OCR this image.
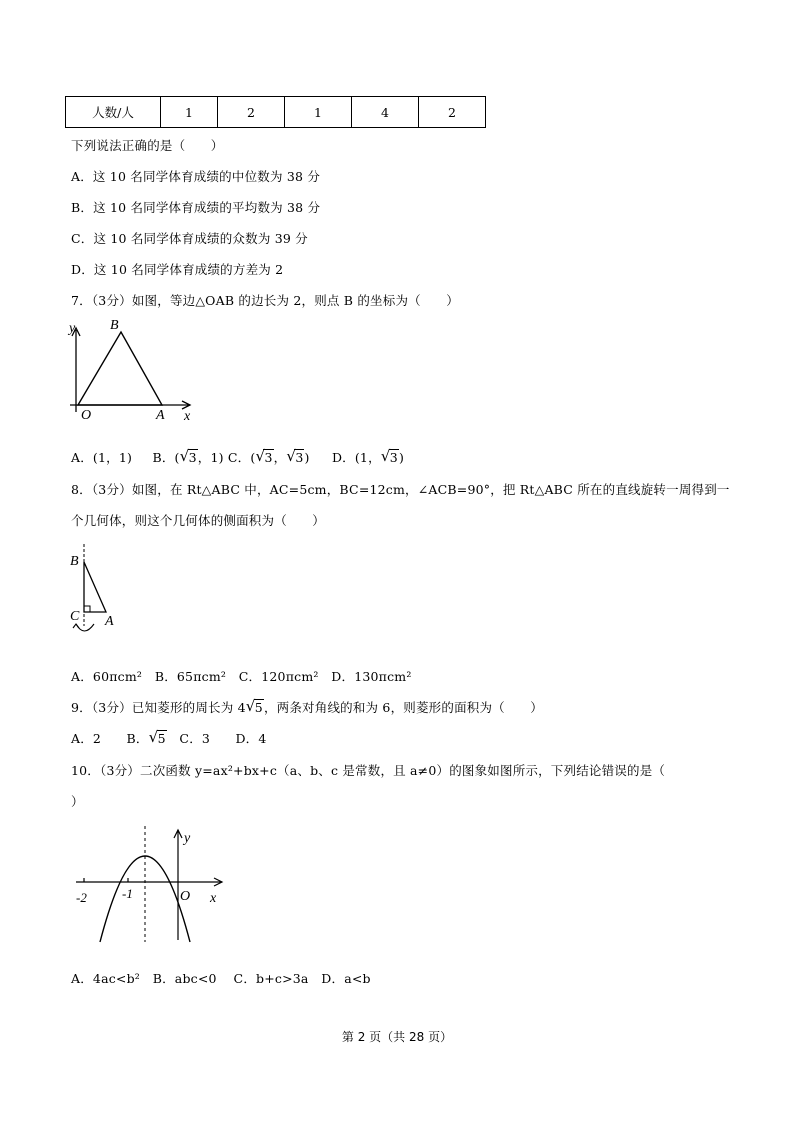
人数/人	1	2	1	4	2
下列说法正确的是（　　）
A．这 10 名同学体育成绩的中位数为 38 分
B．这 10 名同学体育成绩的平均数为 38 分
C．这 10 名同学体育成绩的众数为 39 分
D．这 10 名同学体育成绩的方差为 2
7．（3分）如图，等边△OAB 的边长为 2，则点 B 的坐标为（　　）
y B
O	A x
A．(1，1) B．( √ 3，1) C．( √ 3， √ 3) D．(1， √ 3)
8．（3分）如图，在 Rt△ABC 中，AC=5cm，BC=12cm，∠ACB=90°，把 Rt△ABC 所在的直线旋转一周得到一
个几何体，则这个几何体的侧面积为（　　）
B
C A
A．60πcm²　B．65πcm²　C．120πcm²　D．130πcm²
9．（3分）已知菱形的周长为 4 √ 5，两条对角线的和为 6，则菱形的面积为（　　）
A．2　　B． √ 5　C．3　　D．4
10．（3分）二次函数 y=ax²+bx+c（a、b、c 是常数，且 a≠0）的图象如图所示，下列结论错误的是（
）
y
-2	-1	O x
A．4ac<b²　B．abc<0　 C．b+c>3a　D．a<b
第 2 页（共 28 页）
